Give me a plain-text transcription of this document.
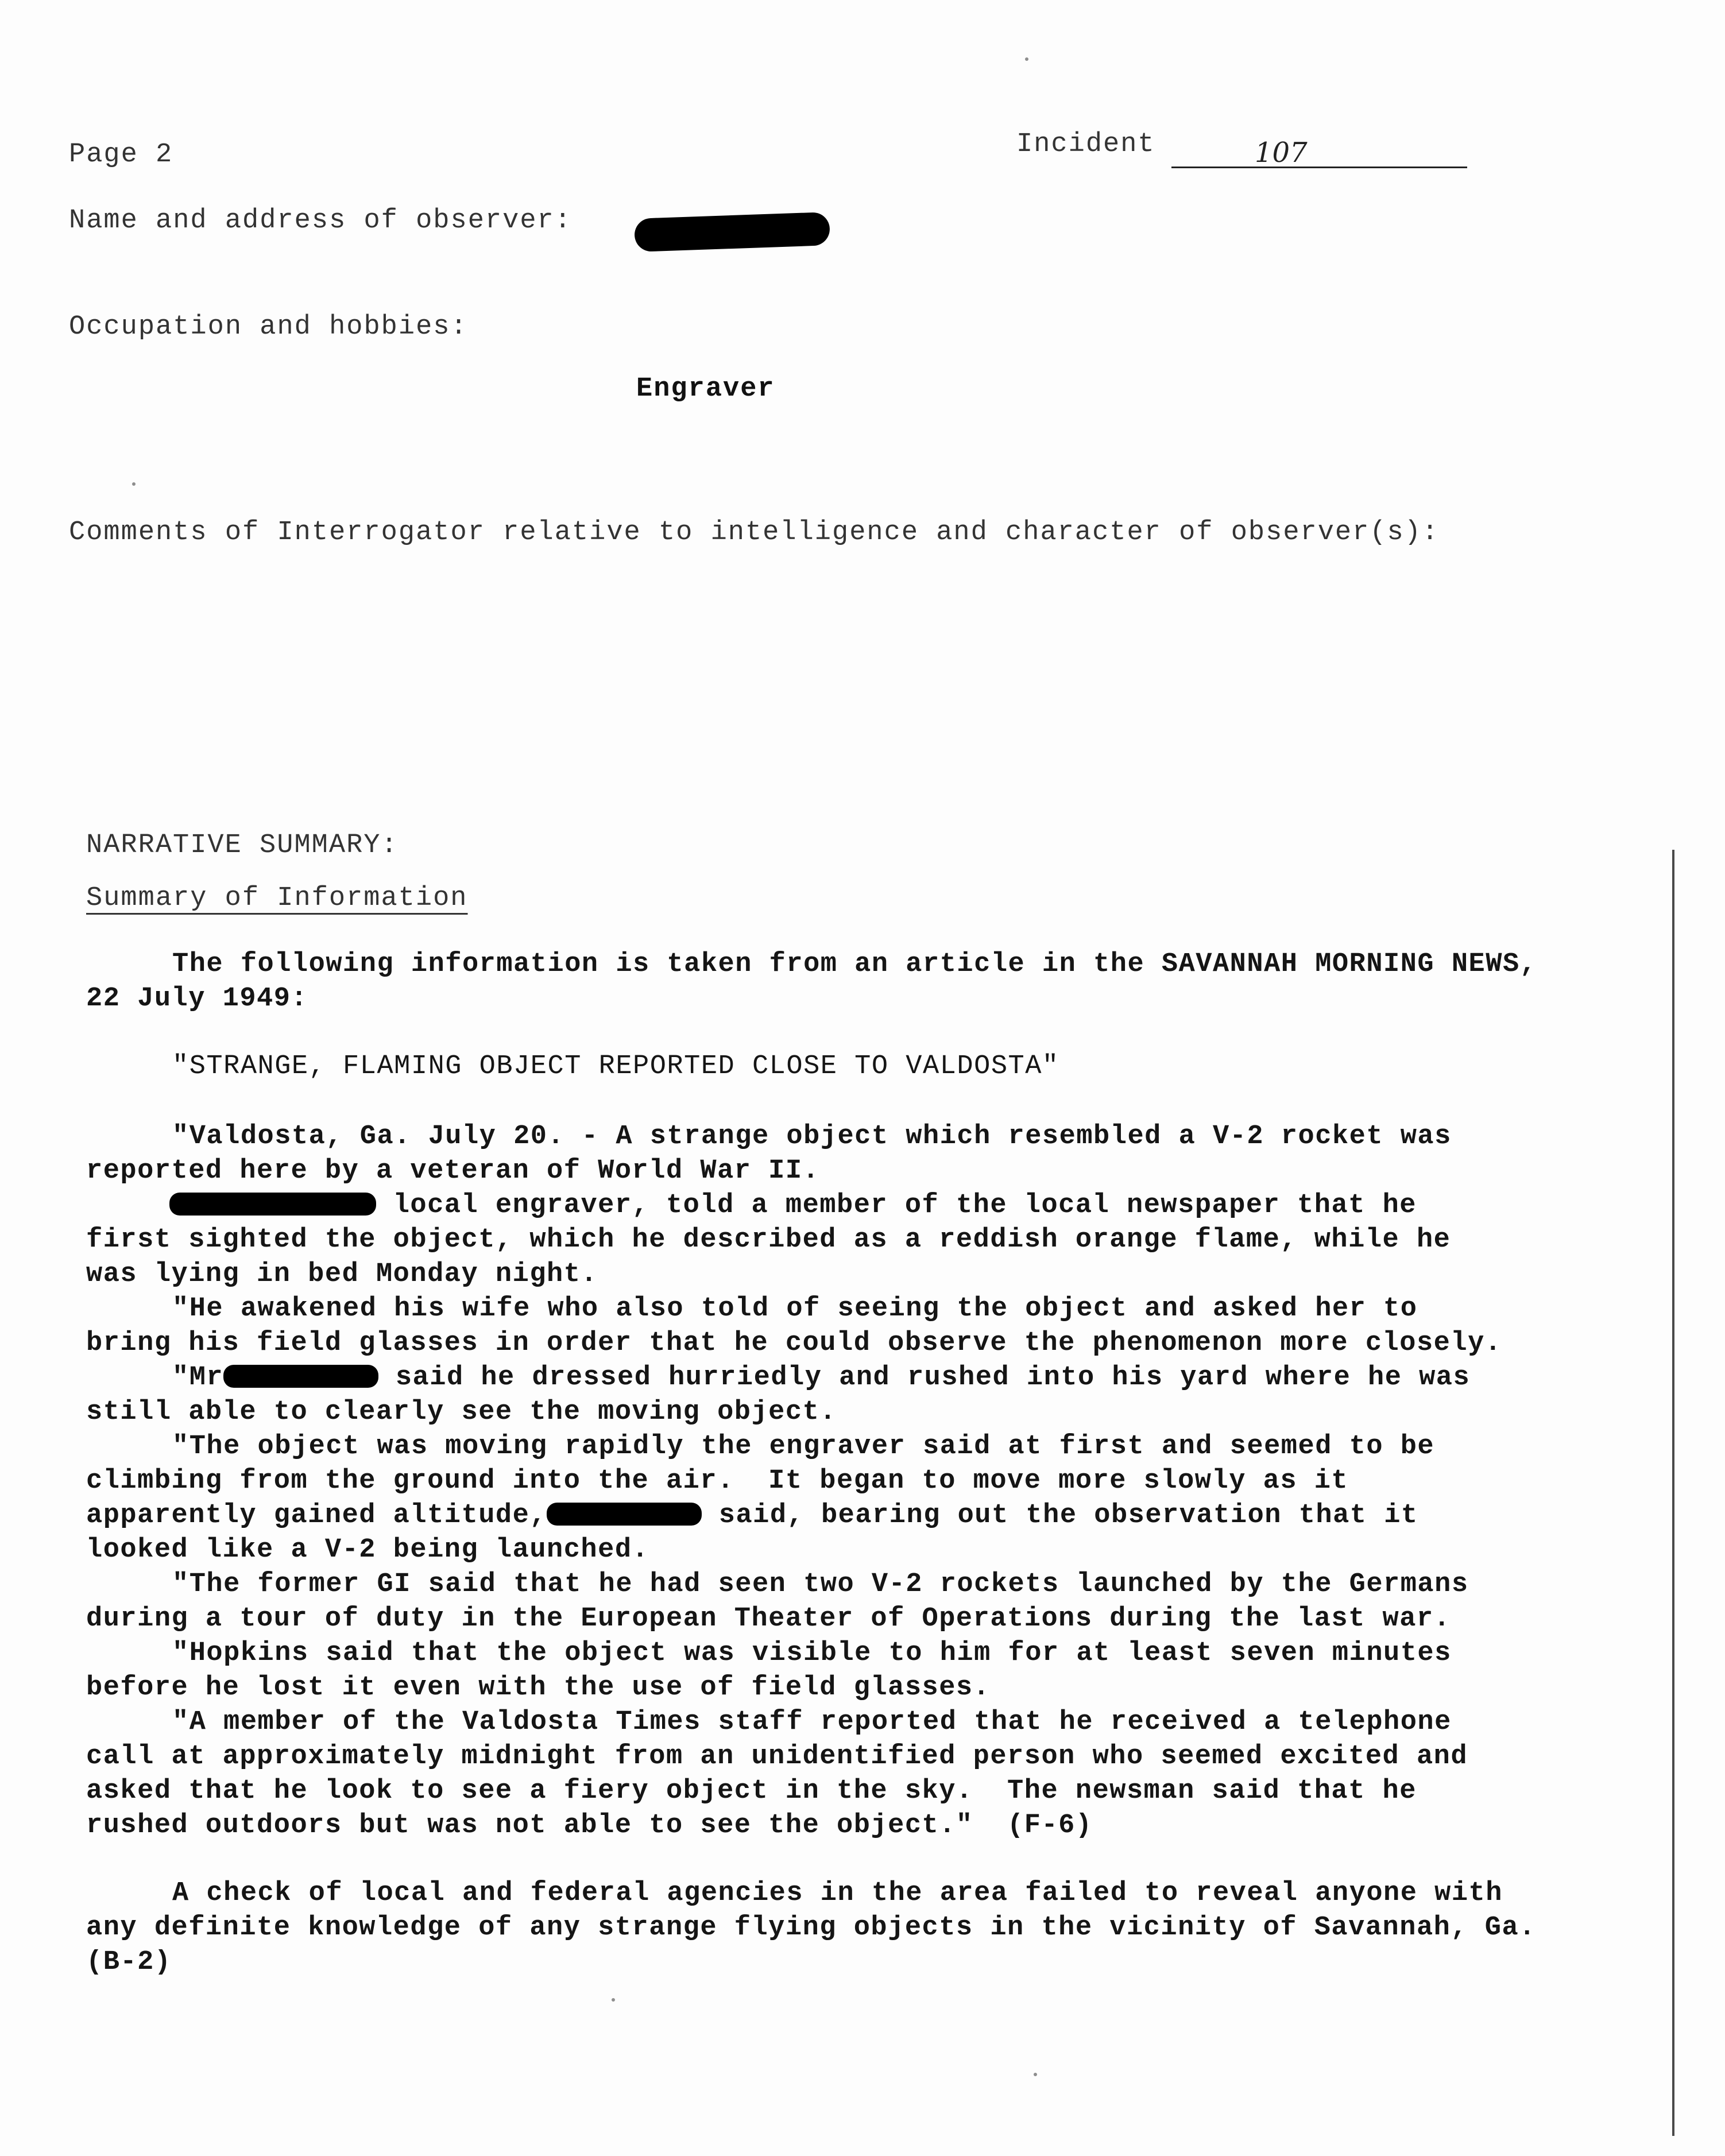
Page 2	Incident	107
Name and address of observer:
Occupation and hobbies:
Engraver
Comments of Interrogator relative to intelligence and character of observer(s):
NARRATIVE SUMMARY:
Summary of Information
The following information is taken from an article in the SAVANNAH MORNING NEWS,
22 July 1949:
"STRANGE, FLAMING OBJECT REPORTED CLOSE TO VALDOSTA"
"Valdosta, Ga. July 20. - A strange object which resembled a V-2 rocket was
reported here by a veteran of World War II.
local engraver, told a member of the local newspaper that he
first sighted the object, which he described as a reddish orange flame, while he
was lying in bed Monday night.
"He awakened his wife who also told of seeing the object and asked her to
bring his field glasses in order that he could observe the phenomenon more closely.
"Mr	said he dressed hurriedly and rushed into his yard where he was
still able to clearly see the moving object.
"The object was moving rapidly the engraver said at first and seemed to be
climbing from the ground into the air.  It began to move more slowly as it
apparently gained altitude,	said, bearing out the observation that it
looked like a V-2 being launched.
"The former GI said that he had seen two V-2 rockets launched by the Germans
during a tour of duty in the European Theater of Operations during the last war.
"Hopkins said that the object was visible to him for at least seven minutes
before he lost it even with the use of field glasses.
"A member of the Valdosta Times staff reported that he received a telephone
call at approximately midnight from an unidentified person who seemed excited and
asked that he look to see a fiery object in the sky.  The newsman said that he
rushed outdoors but was not able to see the object."  (F-6)
A check of local and federal agencies in the area failed to reveal anyone with
any definite knowledge of any strange flying objects in the vicinity of Savannah, Ga.
(B-2)
